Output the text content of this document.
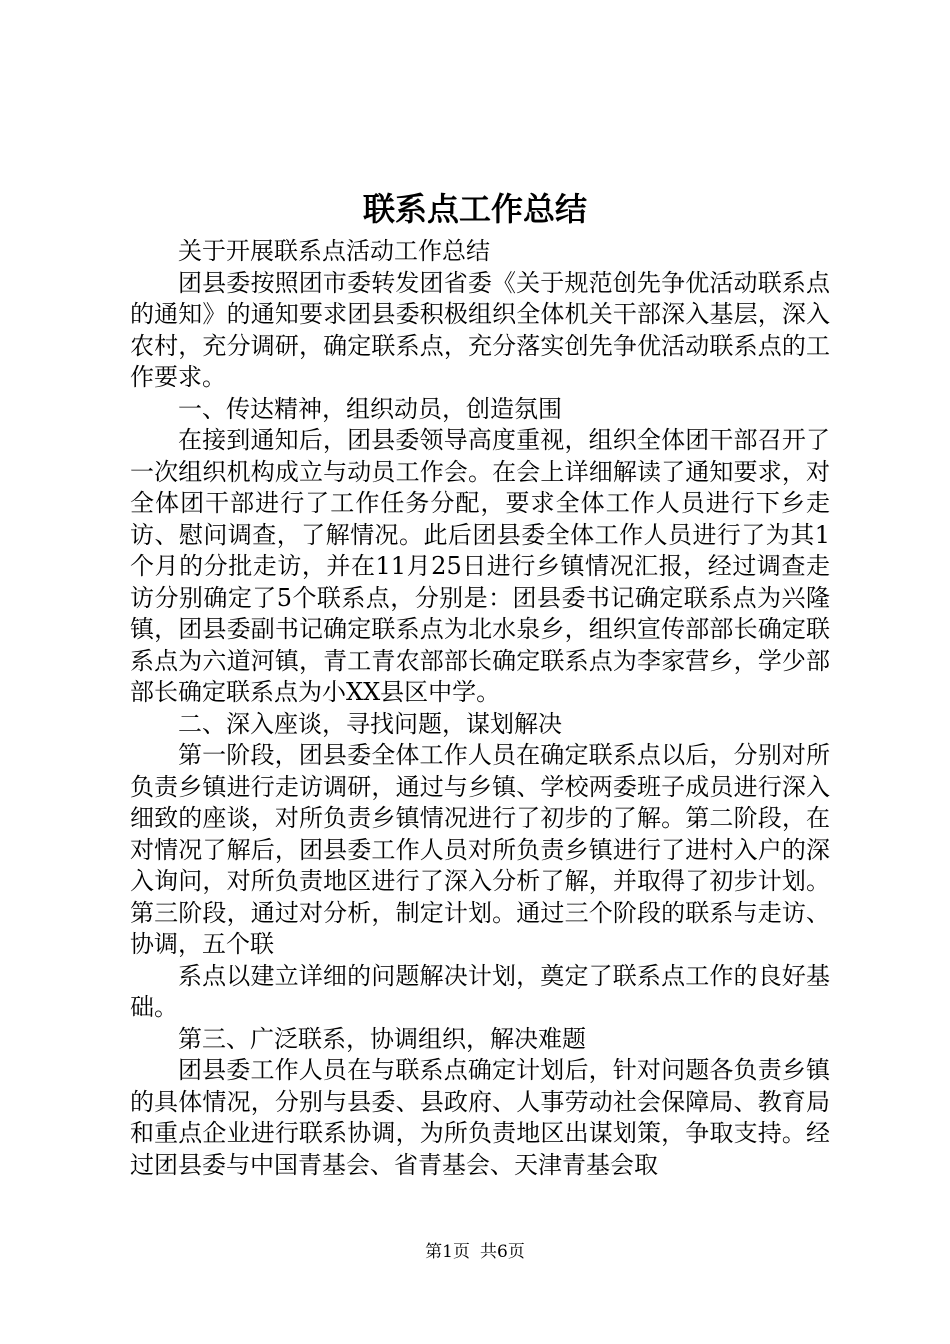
联系点工作总结

关于开展联系点活动工作总结

团县委按照团市委转发团省委《关于规范创先争优活动联系点的通知》的通知要求团县委积极组织全体机关干部深入基层，深入农村，充分调研，确定联系点，充分落实创先争优活动联系点的工作要求。

一、传达精神，组织动员，创造氛围

在接到通知后，团县委领导高度重视，组织全体团干部召开了一次组织机构成立与动员工作会。在会上详细解读了通知要求，对全体团干部进行了工作任务分配，要求全体工作人员进行下乡走访、慰问调查，了解情况。此后团县委全体工作人员进行了为其1个月的分批走访，并在11月25日进行乡镇情况汇报，经过调查走访分别确定了5个联系点，分别是：团县委书记确定联系点为兴隆镇，团县委副书记确定联系点为北水泉乡，组织宣传部部长确定联系点为六道河镇，青工青农部部长确定联系点为李家营乡，学少部部长确定联系点为小XX县区中学。

二、深入座谈，寻找问题，谋划解决

第一阶段，团县委全体工作人员在确定联系点以后，分别对所负责乡镇进行走访调研，通过与乡镇、学校两委班子成员进行深入细致的座谈，对所负责乡镇情况进行了初步的了解。第二阶段，在对情况了解后，团县委工作人员对所负责乡镇进行了进村入户的深入询问，对所负责地区进行了深入分析了解，并取得了初步计划。第三阶段，通过对分析，制定计划。通过三个阶段的联系与走访、协调，五个联

系点以建立详细的问题解决计划，奠定了联系点工作的良好基础。

第三、广泛联系，协调组织，解决难题

团县委工作人员在与联系点确定计划后，针对问题各负责乡镇的具体情况，分别与县委、县政府、人事劳动社会保障局、教育局和重点企业进行联系协调，为所负责地区出谋划策，争取支持。经过团县委与中国青基会、省青基会、天津青基会取

第1页 共6页
